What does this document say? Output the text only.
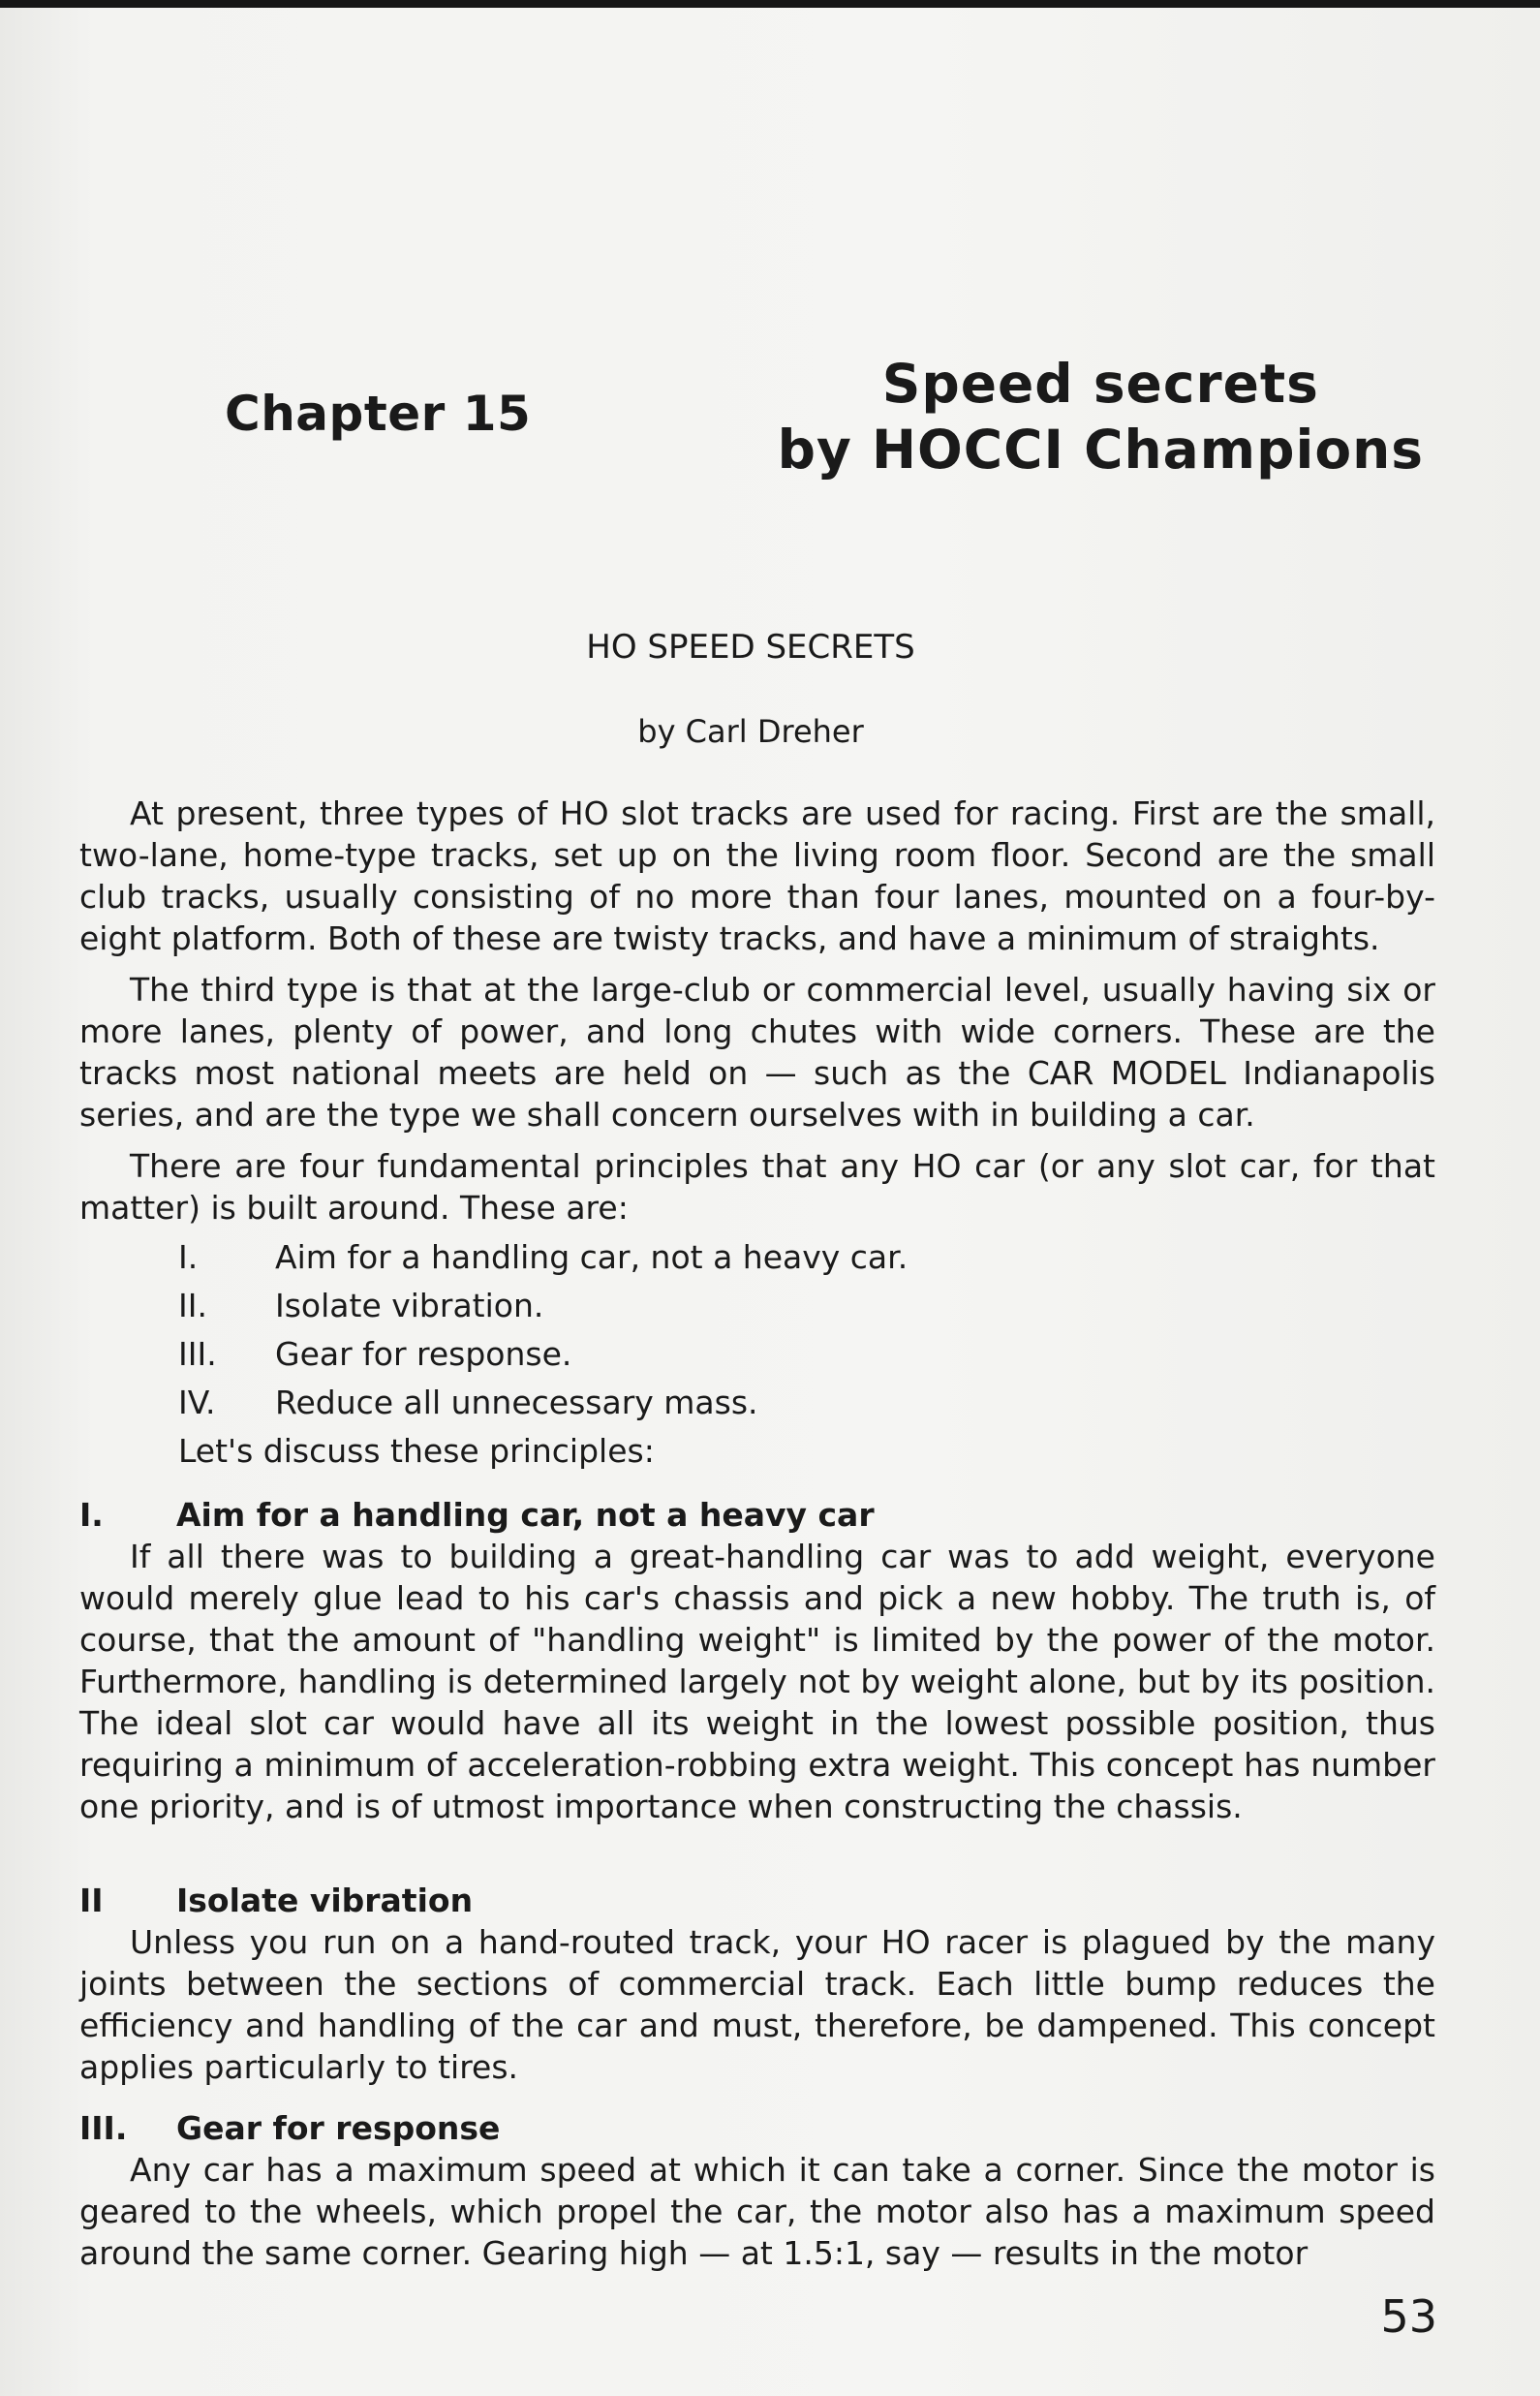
Chapter 15	Speed secrets
by HOCCI Champions
HO SPEED SECRETS
by Carl Dreher

At present, three types of HO slot tracks are used for racing. First are the small, two-lane, home-type tracks, set up on the living room floor. Second are the small club tracks, usually consisting of no more than four lanes, mounted on a four-by-eight platform. Both of these are twisty tracks, and have a minimum of straights.

The third type is that at the large-club or commercial level, usually having six or more lanes, plenty of power, and long chutes with wide corners. These are the tracks most national meets are held on — such as the CAR MODEL Indianapolis series, and are the type we shall concern ourselves with in building a car.

There are four fundamental principles that any HO car (or any slot car, for that matter) is built around. These are:

I.	Aim for a handling car, not a heavy car.
II.	Isolate vibration.
III.	Gear for response.
IV.	Reduce all unnecessary mass.
Let's discuss these principles:
I.	Aim for a handling car, not a heavy car

If all there was to building a great-handling car was to add weight, everyone would merely glue lead to his car's chassis and pick a new hobby. The truth is, of course, that the amount of "handling weight" is limited by the power of the motor. Furthermore, handling is determined largely not by weight alone, but by its position. The ideal slot car would have all its weight in the lowest possible position, thus requiring a minimum of acceleration-robbing extra weight. This concept has number one priority, and is of utmost importance when constructing the chassis.

II	Isolate vibration

Unless you run on a hand-routed track, your HO racer is plagued by the many joints between the sections of commercial track. Each little bump reduces the efficiency and handling of the car and must, therefore, be dampened. This concept applies particularly to tires.

III.	Gear for response

Any car has a maximum speed at which it can take a corner. Since the motor is geared to the wheels, which propel the car, the motor also has a maximum speed around the same corner. Gearing high — at 1.5:1, say — results in the motor

53
